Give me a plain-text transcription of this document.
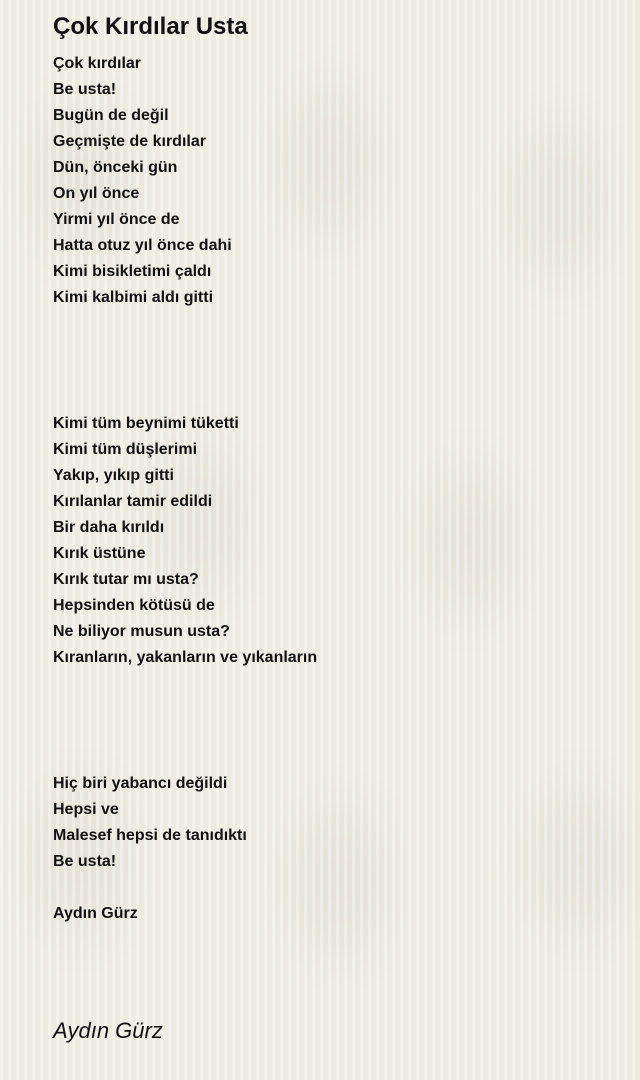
Çok Kırdılar Usta
Çok kırdılar
Be usta!
Bugün de değil
Geçmişte de kırdılar
Dün, önceki gün
On yıl önce
Yirmi yıl önce de
Hatta otuz yıl önce dahi
Kimi bisikletimi çaldı
Kimi kalbimi aldı gitti
Kimi tüm beynimi tüketti
Kimi tüm düşlerimi
Yakıp, yıkıp gitti
Kırılanlar tamir edildi
Bir daha kırıldı
Kırık üstüne
Kırık tutar mı usta?
Hepsinden kötüsü de
Ne biliyor musun usta?
Kıranların, yakanların ve yıkanların
Hiç biri yabancı değildi
Hepsi ve
Malesef hepsi de tanıdıktı
Be usta!
Aydın Gürz

Aydın Gürz
